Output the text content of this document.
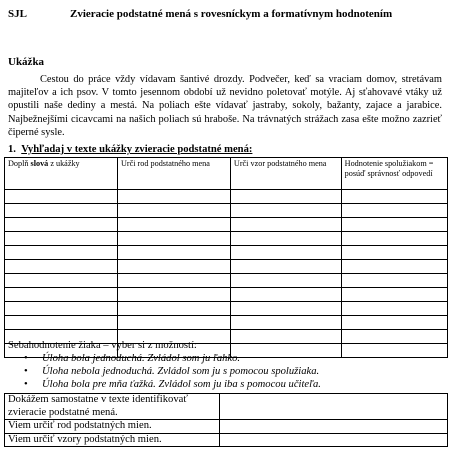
SJL	Zvieracie podstatné mená s rovesníckym a formatívnym hodnotením
Ukážka

Cestou do práce vždy vídavam šantivé drozdy. Podvečer, keď sa vraciam domov, stretávam majiteľov a ich psov. V tomto jesennom období už nevidno poletovať motýle. Aj sťahovavé vtáky už opustili naše dediny a mestá. Na poliach ešte vídavať jastraby, sokoly, bažanty, zajace a jarabice. Najbežnejšími cicavcami na našich poliach sú hraboše. Na trávnatých strážach zasa ešte možno zazrieť čiperné sysle.

1. Vyhľadaj v texte ukážky zvieracie podstatné mená:
Doplň slová z ukážky	Urči rod podstatného mena	Urči vzor podstatného mena	Hodnotenie spolužiakom = posúď správnosť odpovedí

Sebahodnotenie žiaka – vyber si z možností:
• Úloha bola jednoduchá. Zvládol som ju ľahko.
• Úloha nebola jednoduchá. Zvládol som ju s pomocou spolužiaka.
• Úloha bola pre mňa ťažká. Zvládol som ju iba s pomocou učiteľa.
Dokážem samostatne v texte identifikovať zvieracie podstatné mená.	
Viem určiť rod podstatných mien.	
Viem určiť vzory podstatných mien.	
